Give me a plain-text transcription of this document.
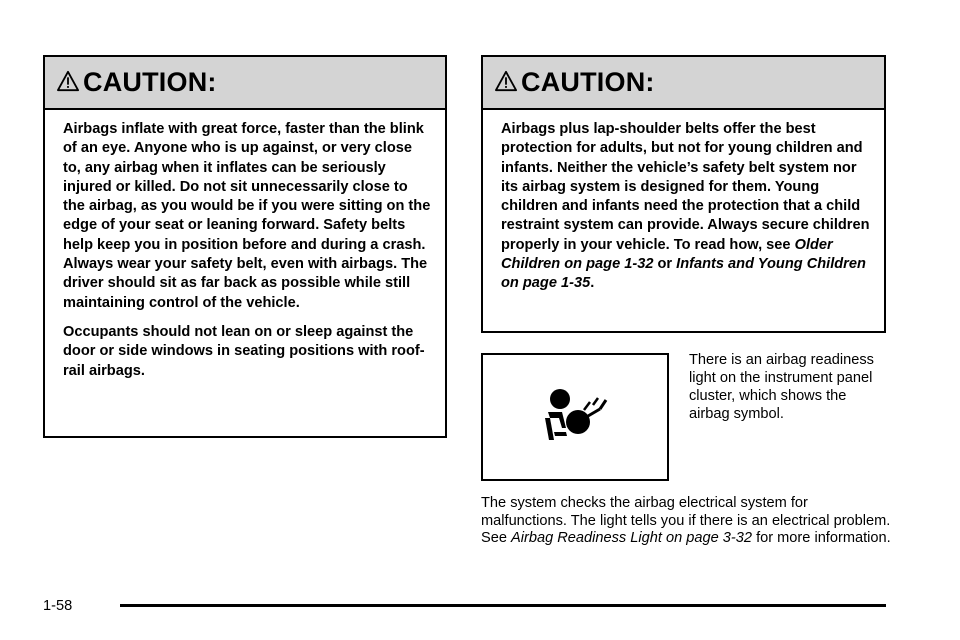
CAUTION:

Airbags inflate with great force, faster than the blink of an eye. Anyone who is up against, or very close to, any airbag when it inflates can be seriously injured or killed. Do not sit unnecessarily close to the airbag, as you would be if you were sitting on the edge of your seat or leaning forward. Safety belts help keep you in position before and during a crash. Always wear your safety belt, even with airbags. The driver should sit as far back as possible while still maintaining control of the vehicle.

Occupants should not lean on or sleep against the door or side windows in seating positions with roof-rail airbags.

CAUTION:

Airbags plus lap-shoulder belts offer the best protection for adults, but not for young children and infants. Neither the vehicle’s safety belt system nor its airbag system is designed for them. Young children and infants need the protection that a child restraint system can provide. Always secure children properly in your vehicle. To read how, see Older Children on page 1-32 or Infants and Young Children on page 1-35.

There is an airbag readiness light on the instrument panel cluster, which shows the airbag symbol.
The system checks the airbag electrical system for malfunctions. The light tells you if there is an electrical problem. See Airbag Readiness Light on page 3-32 for more information.
1-58
